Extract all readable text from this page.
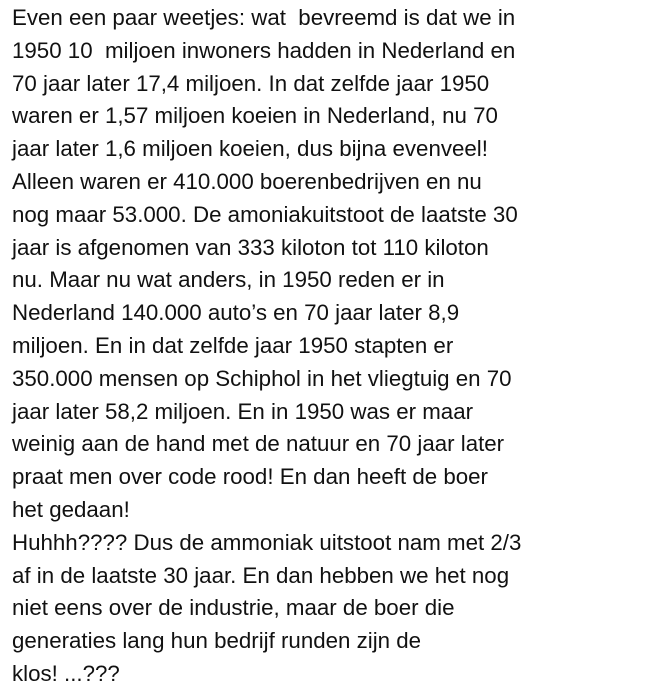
Even een paar weetjes: wat  bevreemd is dat we in
1950 10  miljoen inwoners hadden in Nederland en
70 jaar later 17,4 miljoen. In dat zelfde jaar 1950
waren er 1,57 miljoen koeien in Nederland, nu 70
jaar later 1,6 miljoen koeien, dus bijna evenveel!
Alleen waren er 410.000 boerenbedrijven en nu
nog maar 53.000. De amoniakuitstoot de laatste 30
jaar is afgenomen van 333 kiloton tot 110 kiloton
nu. Maar nu wat anders, in 1950 reden er in
Nederland 140.000 auto’s en 70 jaar later 8,9
miljoen. En in dat zelfde jaar 1950 stapten er
350.000 mensen op Schiphol in het vliegtuig en 70
jaar later 58,2 miljoen. En in 1950 was er maar
weinig aan de hand met de natuur en 70 jaar later
praat men over code rood! En dan heeft de boer
het gedaan!
Huhhh???? Dus de ammoniak uitstoot nam met 2/3
af in de laatste 30 jaar. En dan hebben we het nog
niet eens over de industrie, maar de boer die
generaties lang hun bedrijf runden zijn de
klos! ...???
